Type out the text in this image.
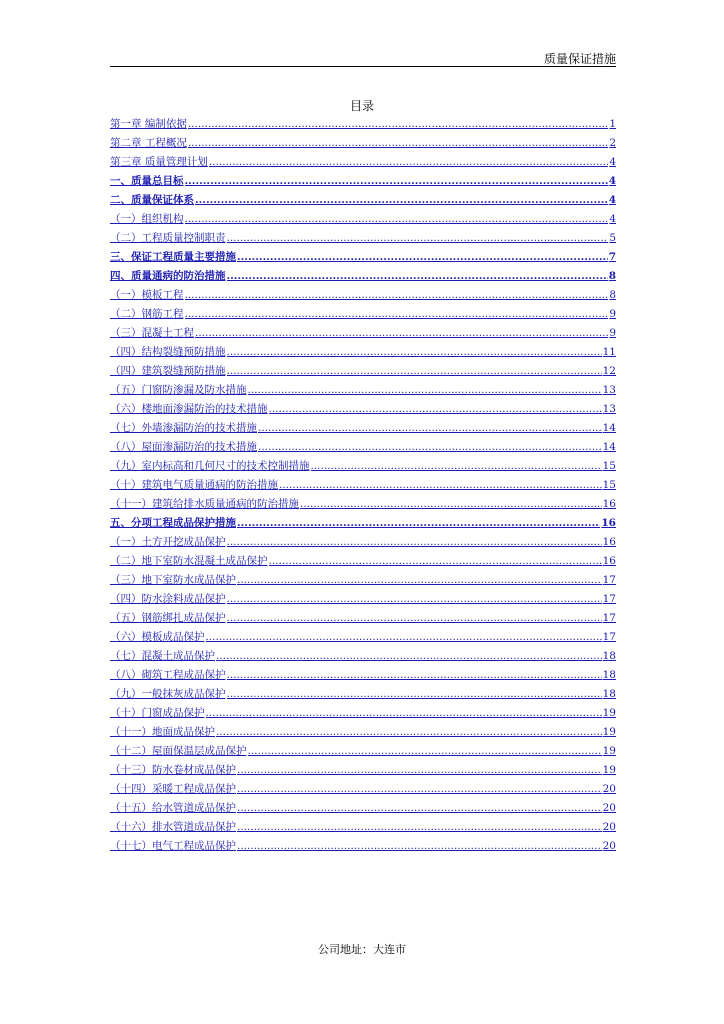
质量保证措施
目录
第一章 编制依据 .....	1
第二章 工程概况 .....	2
第三章 质量管理计划 .....	4
一、质量总目标 .....	4
二、质量保证体系 .....	4
（一）组织机构 .....	4
（二）工程质量控制职责 .....	5
三、保证工程质量主要措施 .....	7
四、质量通病的防治措施 .....	8
（一）模板工程 .....	8
（二）钢筋工程 .....	9
（三）混凝土工程 .....	9
（四）结构裂缝预防措施 .....	11
（四）建筑裂缝预防措施 .....	12
（五）门窗防渗漏及防水措施 .....	13
（六）楼地面渗漏防治的技术措施 .....	13
（七）外墙渗漏防治的技术措施 .....	14
（八）屋面渗漏防治的技术措施 .....	14
（九）室内标高和几何尺寸的技术控制措施 .....	15
（十）建筑电气质量通病的防治措施 .....	15
（十一）建筑给排水质量通病的防治措施 .....	16
五、分项工程成品保护措施 .....	16
（一）土方开挖成品保护 .....	16
（二）地下室防水混凝土成品保护 .....	16
（三）地下室防水成品保护 .....	17
（四）防水涂料成品保护 .....	17
（五）钢筋绑扎成品保护 .....	17
（六）模板成品保护 .....	17
（七）混凝土成品保护 .....	18
（八）砌筑工程成品保护 .....	18
（九）一般抹灰成品保护 .....	18
（十）门窗成品保护 .....	19
（十一）地面成品保护 .....	19
（十二）屋面保温层成品保护 .....	19
（十三）防水卷材成品保护 .....	19
（十四）采暖工程成品保护 .....	20
（十五）给水管道成品保护 .....	20
（十六）排水管道成品保护 .....	20
（十七）电气工程成品保护 .....	20
公司地址：大连市
